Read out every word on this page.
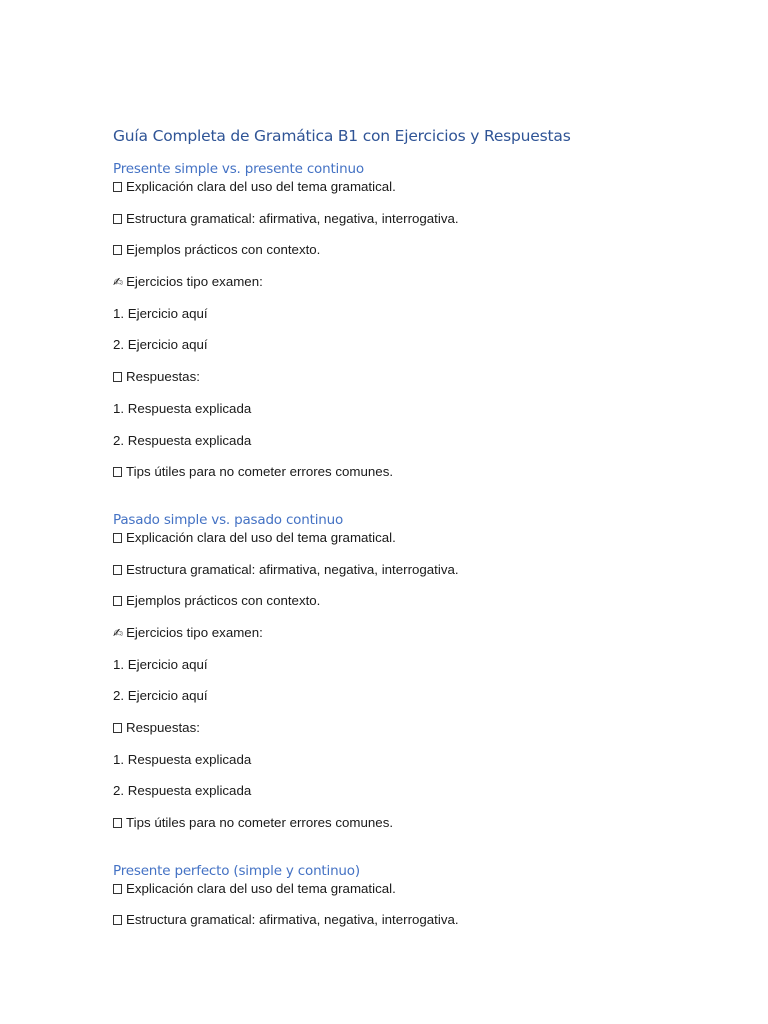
Guía Completa de Gramática B1 con Ejercicios y Respuestas
Presente simple vs. presente continuo
Explicación clara del uso del tema gramatical.
Estructura gramatical: afirmativa, negativa, interrogativa.
Ejemplos prácticos con contexto.
✍ Ejercicios tipo examen:
1. Ejercicio aquí
2. Ejercicio aquí
Respuestas:
1. Respuesta explicada
2. Respuesta explicada
Tips útiles para no cometer errores comunes.
Pasado simple vs. pasado continuo
Explicación clara del uso del tema gramatical.
Estructura gramatical: afirmativa, negativa, interrogativa.
Ejemplos prácticos con contexto.
✍ Ejercicios tipo examen:
1. Ejercicio aquí
2. Ejercicio aquí
Respuestas:
1. Respuesta explicada
2. Respuesta explicada
Tips útiles para no cometer errores comunes.
Presente perfecto (simple y continuo)
Explicación clara del uso del tema gramatical.
Estructura gramatical: afirmativa, negativa, interrogativa.
